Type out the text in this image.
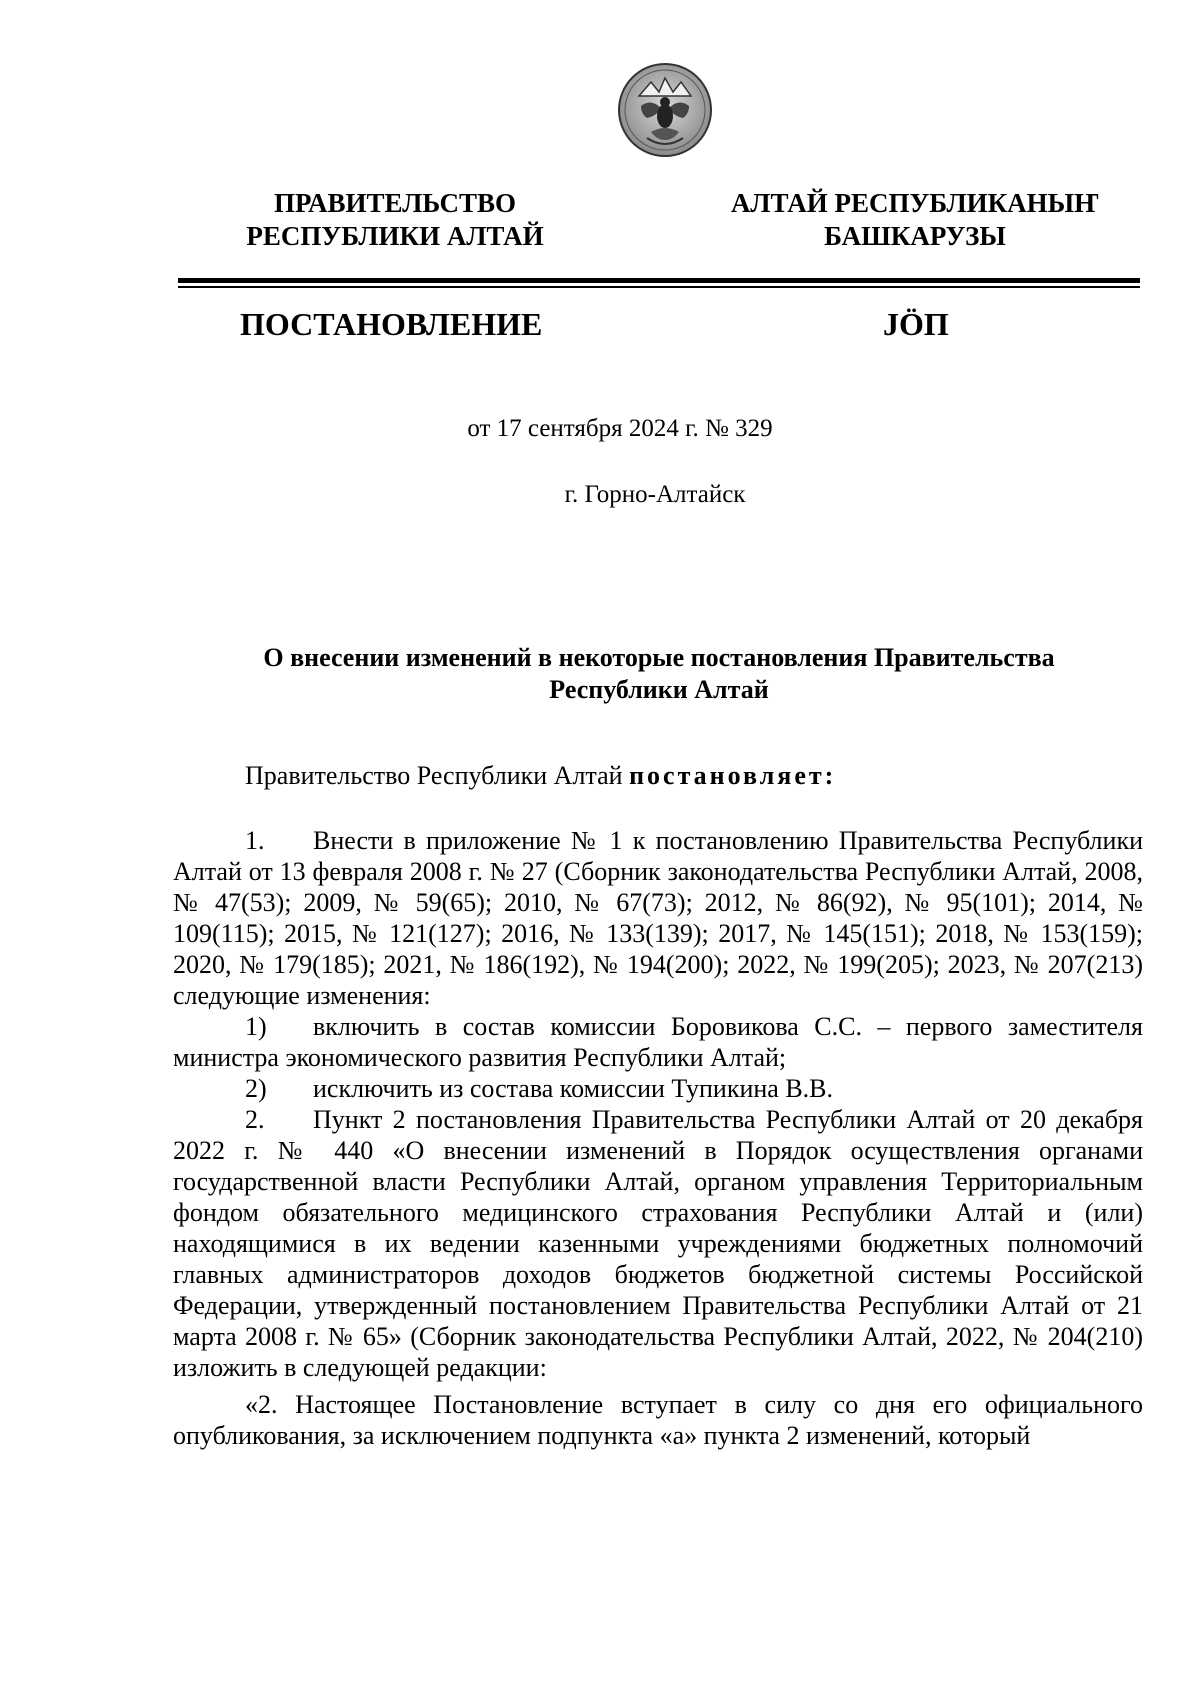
ПРАВИТЕЛЬСТВО
РЕСПУБЛИКИ АЛТАЙ
АЛТАЙ РЕСПУБЛИКАНЫҤ
БАШКАРУЗЫ
ПОСТАНОВЛЕНИЕ	JӦП
от 17 сентября 2024 г. № 329
г. Горно-Алтайск
О внесении изменений в некоторые постановления Правительства
Республики Алтай

Правительство Республики Алтай постановляет:

1. Внести в приложение № 1 к постановлению Правительства Республики Алтай от 13 февраля 2008 г. № 27 (Сборник законодательства Республики Алтай, 2008, № 47(53); 2009, № 59(65); 2010, № 67(73); 2012, № 86(92), № 95(101); 2014, № 109(115); 2015, № 121(127); 2016, № 133(139); 2017, № 145(151); 2018, № 153(159); 2020, № 179(185); 2021, № 186(192), № 194(200); 2022, № 199(205); 2023, № 207(213) следующие изменения:

1) включить в состав комиссии Боровикова С.С. – первого заместителя министра экономического развития Республики Алтай;

2) исключить из состава комиссии Тупикина В.В.

2. Пункт 2 постановления Правительства Республики Алтай от 20 декабря 2022 г. № 440 «О внесении изменений в Порядок осуществления органами государственной власти Республики Алтай, органом управления Территориальным фондом обязательного медицинского страхования Республики Алтай и (или) находящимися в их ведении казенными учреждениями бюджетных полномочий главных администраторов доходов бюджетов бюджетной системы Российской Федерации, утвержденный постановлением Правительства Республики Алтай от 21 марта 2008 г. № 65» (Сборник законодательства Республики Алтай, 2022, № 204(210) изложить в следующей редакции:

«2. Настоящее Постановление вступает в силу со дня его официального опубликования, за исключением подпункта «а» пункта 2 изменений, который
